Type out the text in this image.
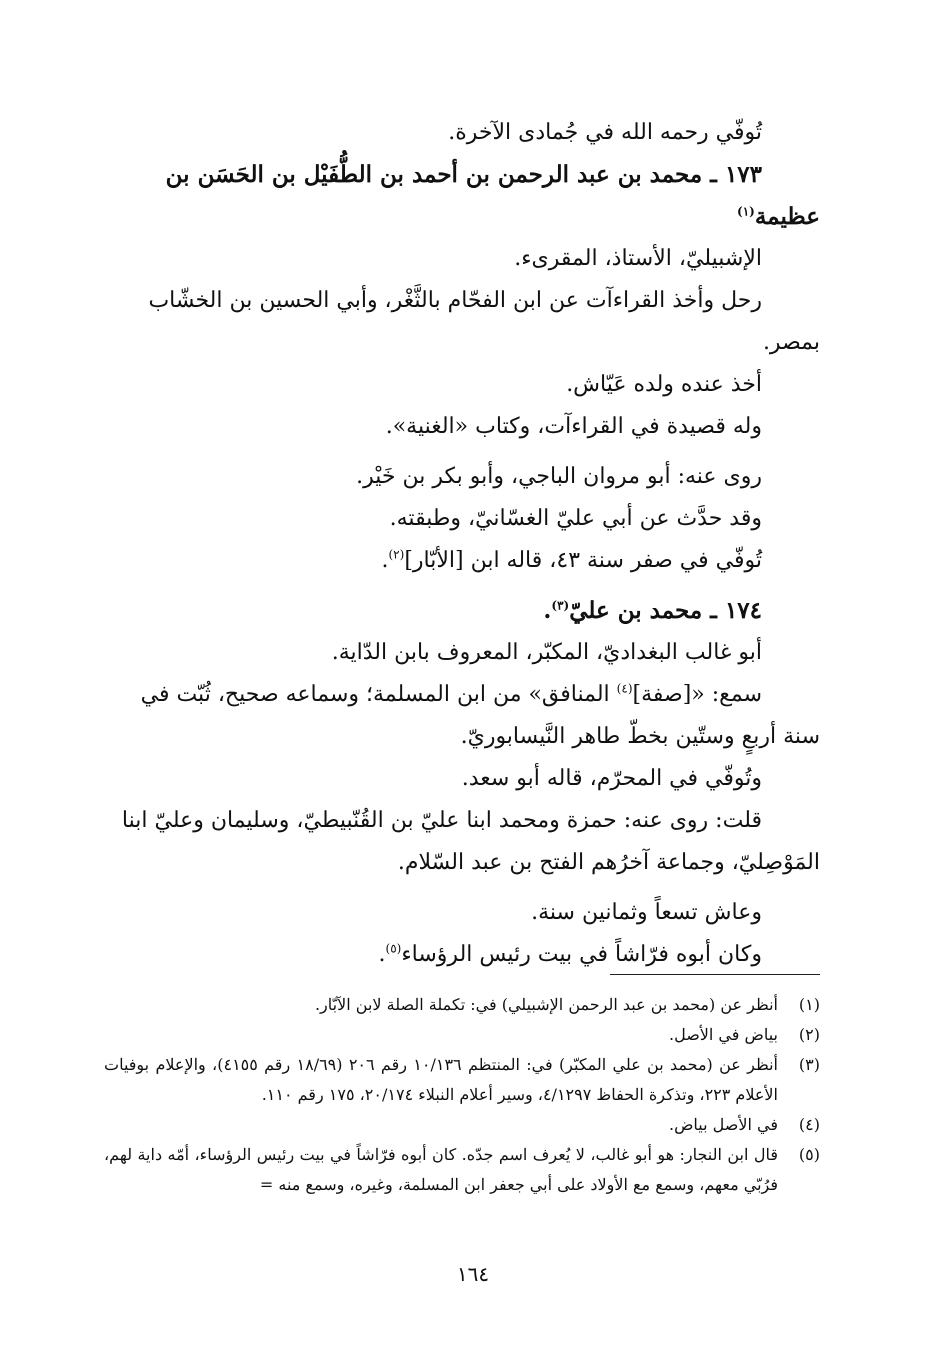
تُوفّي رحمه الله في جُمادى الآخرة.

١٧٣ ـ محمد بن عبد الرحمن بن أحمد بن الطُّفَيْل بن الحَسَن بن

عظيمة$^{(١)}$

الإشبيليّ، الأستاذ، المقرىء.

رحل وأخذ القراءآت عن ابن الفحّام بالثَّغْر، وأبي الحسين بن الخشّاب

بمصر.

أخذ عنده ولده عَيّاش.

وله قصيدة في القراءآت، وكتاب «الغنية».

روى عنه: أبو مروان الباجي، وأبو بكر بن خَيْر.

وقد حدَّث عن أبي عليّ الغسّانيّ، وطبقته.

تُوفّي في صفر سنة ٤٣، قاله ابن [الأبّار]$^{(٢)}$.

١٧٤ ـ محمد بن عليّ$^{(٣)}$.

أبو غالب البغداديّ، المكبّر، المعروف بابن الدّاية.

سمع: «[صفة]$^{(٤)}$ المنافق» من ابن المسلمة؛ وسماعه صحيح، ثُبّت في

سنة أربعٍ وستّين بخطّ طاهر النَّيسابوريّ.

وتُوفّي في المحرّم، قاله أبو سعد.

قلت: روى عنه: حمزة ومحمد ابنا عليّ بن القُنّبيطيّ، وسليمان وعليّ ابنا

المَوْصِليّ، وجماعة آخرُهم الفتح بن عبد السّلام.

وعاش تسعاً وثمانين سنة.

وكان أبوه فرّاشاً في بيت رئيس الرؤساء$^{(٥)}$.

(١)
أنظر عن (محمد بن عبد الرحمن الإشبيلي) في: تكملة الصلة لابن الآبّار.
(٢)
بياض في الأصل.
(٣)
أنظر عن (محمد بن علي المكبّر) في: المنتظم ١٠/١٣٦ رقم ٢٠٦ (١٨/٦٩ رقم ٤١٥٥)، والإعلام بوفيات الأعلام ٢٢٣، وتذكرة الحفاظ ٤/١٢٩٧، وسير أعلام النبلاء ٢٠/١٧٤، ١٧٥ رقم ١١٠.
(٤)
في الأصل بياض.
(٥)
قال ابن النجار: هو أبو غالب، لا يُعرف اسم جدّه. كان أبوه فرّاشاً في بيت رئيس الرؤساء، أمّه داية لهم، فرُبّي معهم، وسمع مع الأولاد على أبي جعفر ابن المسلمة، وغيره، وسمع منه =
١٦٤
